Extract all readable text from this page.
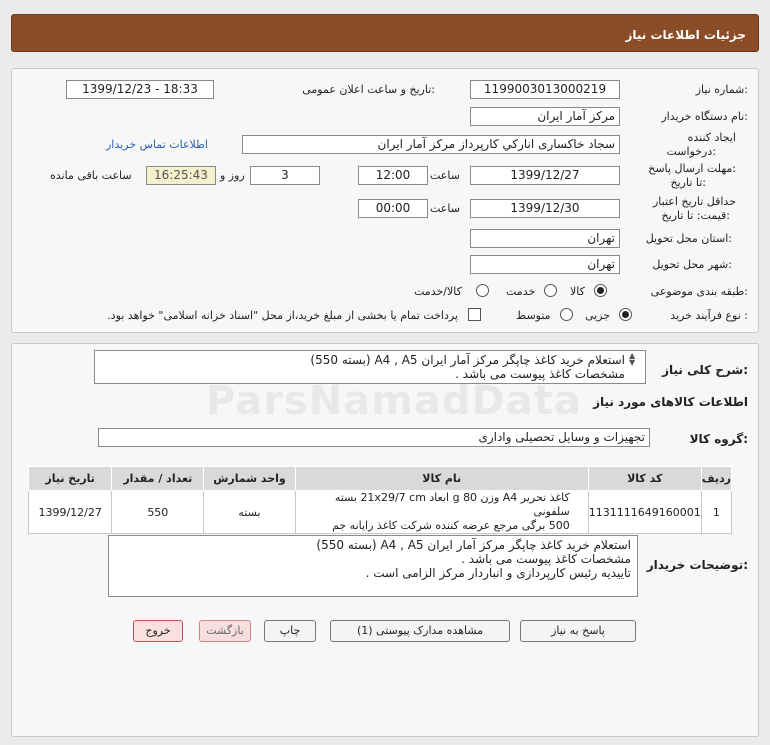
جزئیات اطلاعات نیاز
شماره نیاز:
1199003013000219
تاریخ و ساعت اعلان عمومی:
1399/12/23 - 18:33
نام دستگاه خریدار:
مرکز آمار ایران
ایجاد کننده
درخواست:
سجاد خاکساری اناركي كارپرداز مرکز آمار ایران
اطلاعات تماس خریدار
مهلت ارسال پاسخ:
تا تاریخ:
1399/12/27
ساعت
12:00
3
روز و
16:25:43
ساعت باقی مانده
حداقل تاریخ اعتبار
قیمت: تا تاریخ:
1399/12/30
ساعت
00:00
استان محل تحویل:
تهران
شهر محل تحویل:
تهران
طبقه بندی موضوعی:
کالا
خدمت
کالا/خدمت
نوع فرآیند خرید :
جزیی
متوسط
پرداخت تمام یا بخشی از مبلغ خرید،از محل "اسناد خزانه اسلامی" خواهد بود.
شرح کلی نیاز:
استعلام خرید کاغذ چاپگر مرکز آمار ایران A4 , A5 (بسته 550)
مشخصات کاغذ پیوست می باشد .
▲
▼
اطلاعات کالاهای مورد نیاز
گروه کالا:
تجهیزات و وسایل تحصیلی واداری
تاریخ نیاز	تعداد / مقدار	واحد شمارش	نام کالا	کد کالا	ردیف
1399/12/27	550	بسته	کاغذ تحریر A4 وزن 80 g ابعاد 21x29/7 cm بسته سلفونی
500 برگی مرجع عرضه کننده شرکت کاغذ رایانه جم	1131111649160001	1
توضیحات خریدار:
استعلام خرید کاغذ چاپگر مرکز آمار ایران A4 , A5 (بسته 550)
مشخصات کاغذ پیوست می باشد .
تاییدیه رئیس کارپردازی و انباردار مرکز الزامی است .
پاسخ به نیاز
مشاهده مدارک پیوستی (1)
چاپ
بازگشت
خروج
